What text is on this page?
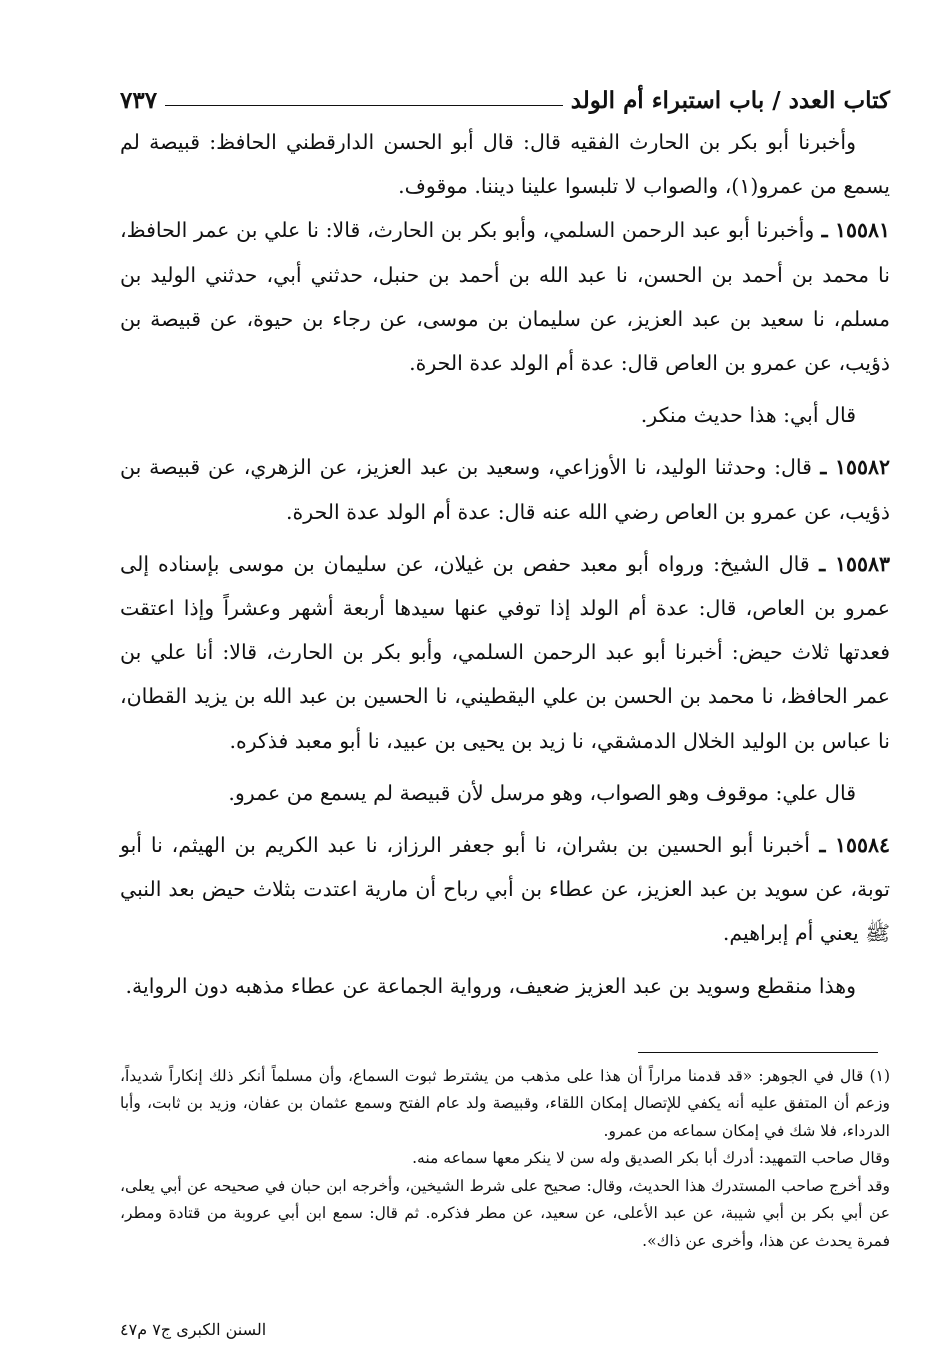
كتاب العدد / باب استبراء أم الولد
٧٣٧

وأخبرنا أبو بكر بن الحارث الفقيه قال: قال أبو الحسن الدارقطني الحافظ: قبيصة لم يسمع من عمرو(١)، والصواب لا تلبسوا علينا ديننا. موقوف.

١٥٥٨١ ـ وأخبرنا أبو عبد الرحمن السلمي، وأبو بكر بن الحارث، قالا: نا علي بن عمر الحافظ، نا محمد بن أحمد بن الحسن، نا عبد الله بن أحمد بن حنبل، حدثني أبي، حدثني الوليد بن مسلم، نا سعيد بن عبد العزيز، عن سليمان بن موسى، عن رجاء بن حيوة، عن قبيصة بن ذؤيب، عن عمرو بن العاص قال: عدة أم الولد عدة الحرة.

قال أبي: هذا حديث منكر.

١٥٥٨٢ ـ قال: وحدثنا الوليد، نا الأوزاعي، وسعيد بن عبد العزيز، عن الزهري، عن قبيصة بن ذؤيب، عن عمرو بن العاص رضي الله عنه قال: عدة أم الولد عدة الحرة.

١٥٥٨٣ ـ قال الشيخ: ورواه أبو معبد حفص بن غيلان، عن سليمان بن موسى بإسناده إلى عمرو بن العاص، قال: عدة أم الولد إذا توفي عنها سيدها أربعة أشهر وعشراً وإذا اعتقت فعدتها ثلاث حيض: أخبرنا أبو عبد الرحمن السلمي، وأبو بكر بن الحارث، قالا: أنا علي بن عمر الحافظ، نا محمد بن الحسن بن علي اليقطيني، نا الحسين بن عبد الله بن يزيد القطان، نا عباس بن الوليد الخلال الدمشقي، نا زيد بن يحيى بن عبيد، نا أبو معبد فذكره.

قال علي: موقوف وهو الصواب، وهو مرسل لأن قبيصة لم يسمع من عمرو.

١٥٥٨٤ ـ أخبرنا أبو الحسين بن بشران، نا أبو جعفر الرزاز، نا عبد الكريم بن الهيثم، نا أبو توبة، عن سويد بن عبد العزيز، عن عطاء بن أبي رباح أن مارية اعتدت بثلاث حيض بعد النبي ﷺ يعني أم إبراهيم.

وهذا منقطع وسويد بن عبد العزيز ضعيف، ورواية الجماعة عن عطاء مذهبه دون الرواية.

(١) قال في الجوهر: «قد قدمنا مراراً أن هذا على مذهب من يشترط ثبوت السماع، وأن مسلماً أنكر ذلك إنكاراً شديداً، وزعم أن المتفق عليه أنه يكفي للإتصال إمكان اللقاء، وقبيصة ولد عام الفتح وسمع عثمان بن عفان، وزيد بن ثابت، وأبا الدرداء، فلا شك في إمكان سماعه من عمرو.

وقال صاحب التمهيد: أدرك أبا بكر الصديق وله سن لا ينكر معها سماعه منه.

وقد أخرج صاحب المستدرك هذا الحديث، وقال: صحيح على شرط الشيخين، وأخرجه ابن حبان في صحيحه عن أبي يعلى، عن أبي بكر بن أبي شيبة، عن عبد الأعلى، عن سعيد، عن مطر فذكره. ثم قال: سمع ابن أبي عروبة من قتادة ومطر، فمرة يحدث عن هذا، وأخرى عن ذاك».

السنن الكبرى ج٧ م٤٧
